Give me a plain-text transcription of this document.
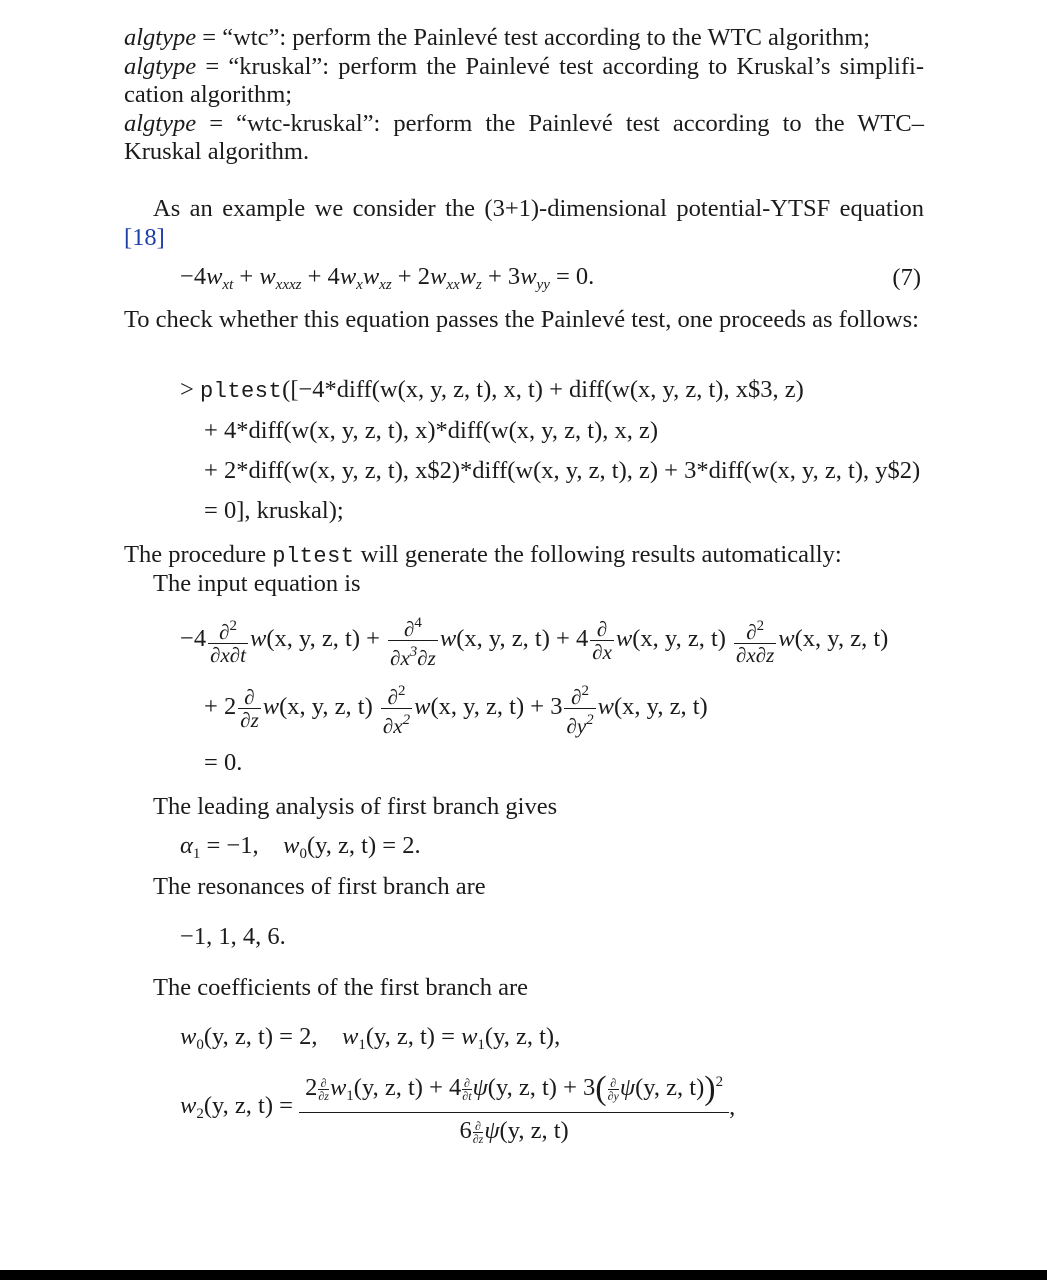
algtype = “wtc”: perform the Painlevé test according to the WTC algorithm;
algtype = “kruskal”: perform the Painlevé test according to Kruskal’s simplifi-cation algorithm;
algtype = “wtc-kruskal”: perform the Painlevé test according to the WTC–Kruskal algorithm.
As an example we consider the (3+1)-dimensional potential-YTSF equation [18]
$-4w_{xt} + w_{xxxz} + 4w_xw_{xz} + 2w_{xx}w_z + 3w_{yy} = 0$.	(7)
To check whether this equation passes the Painlevé test, one proceeds as follows:
> pltest([−4*diff(w(x, y, z, t), x, t) + diff(w(x, y, z, t), x$3, z)
+ 4*diff(w(x, y, z, t), x)*diff(w(x, y, z, t), x, z)
+ 2*diff(w(x, y, z, t), x$2)*diff(w(x, y, z, t), z) + 3*diff(w(x, y, z, t), y$2)
= 0], kruskal);
The procedure pltest will generate the following results automatically:
The input equation is
$-4 \frac{\partial^2}{\partial x\partial t} w(x$, y, z, $t) + \frac{\partial^4}{\partial x^3\partial z} w(x$, y, z, $t) + 4 \frac{\partial}{\partial x} w(x$, y, z, $t) \frac{\partial^2}{\partial x\partial z} w(x$, y, z, t)
+ $2 \frac{\partial}{\partial z} w(x$, y, z, $t) \frac{\partial^2}{\partial x^2} w(x$, y, z, $t) + 3 \frac{\partial^2}{\partial y^2} w(x$, y, z, t)
= 0.
The leading analysis of first branch gives
$\alpha_1 = -1$,    $w_0(y$, z, t) = 2.
The resonances of first branch are
−1, 1, 4, 6.
The coefficients of the first branch are
$w_0(y$, z, t) = 2,    $w_1(y$, z, $t) = w_1(y$, z, t),
$w_2(y$, z, $t) = \frac{2 \frac{\partial}{\partial z} w_1(y, z, t) + 4 \frac{\partial}{\partial t} \psi(y, z, t) + 3( \frac{\partial}{\partial y} \psi(y, z, t))^2}{6 \frac{\partial}{\partial z} \psi(y, z, t)}$ ,
